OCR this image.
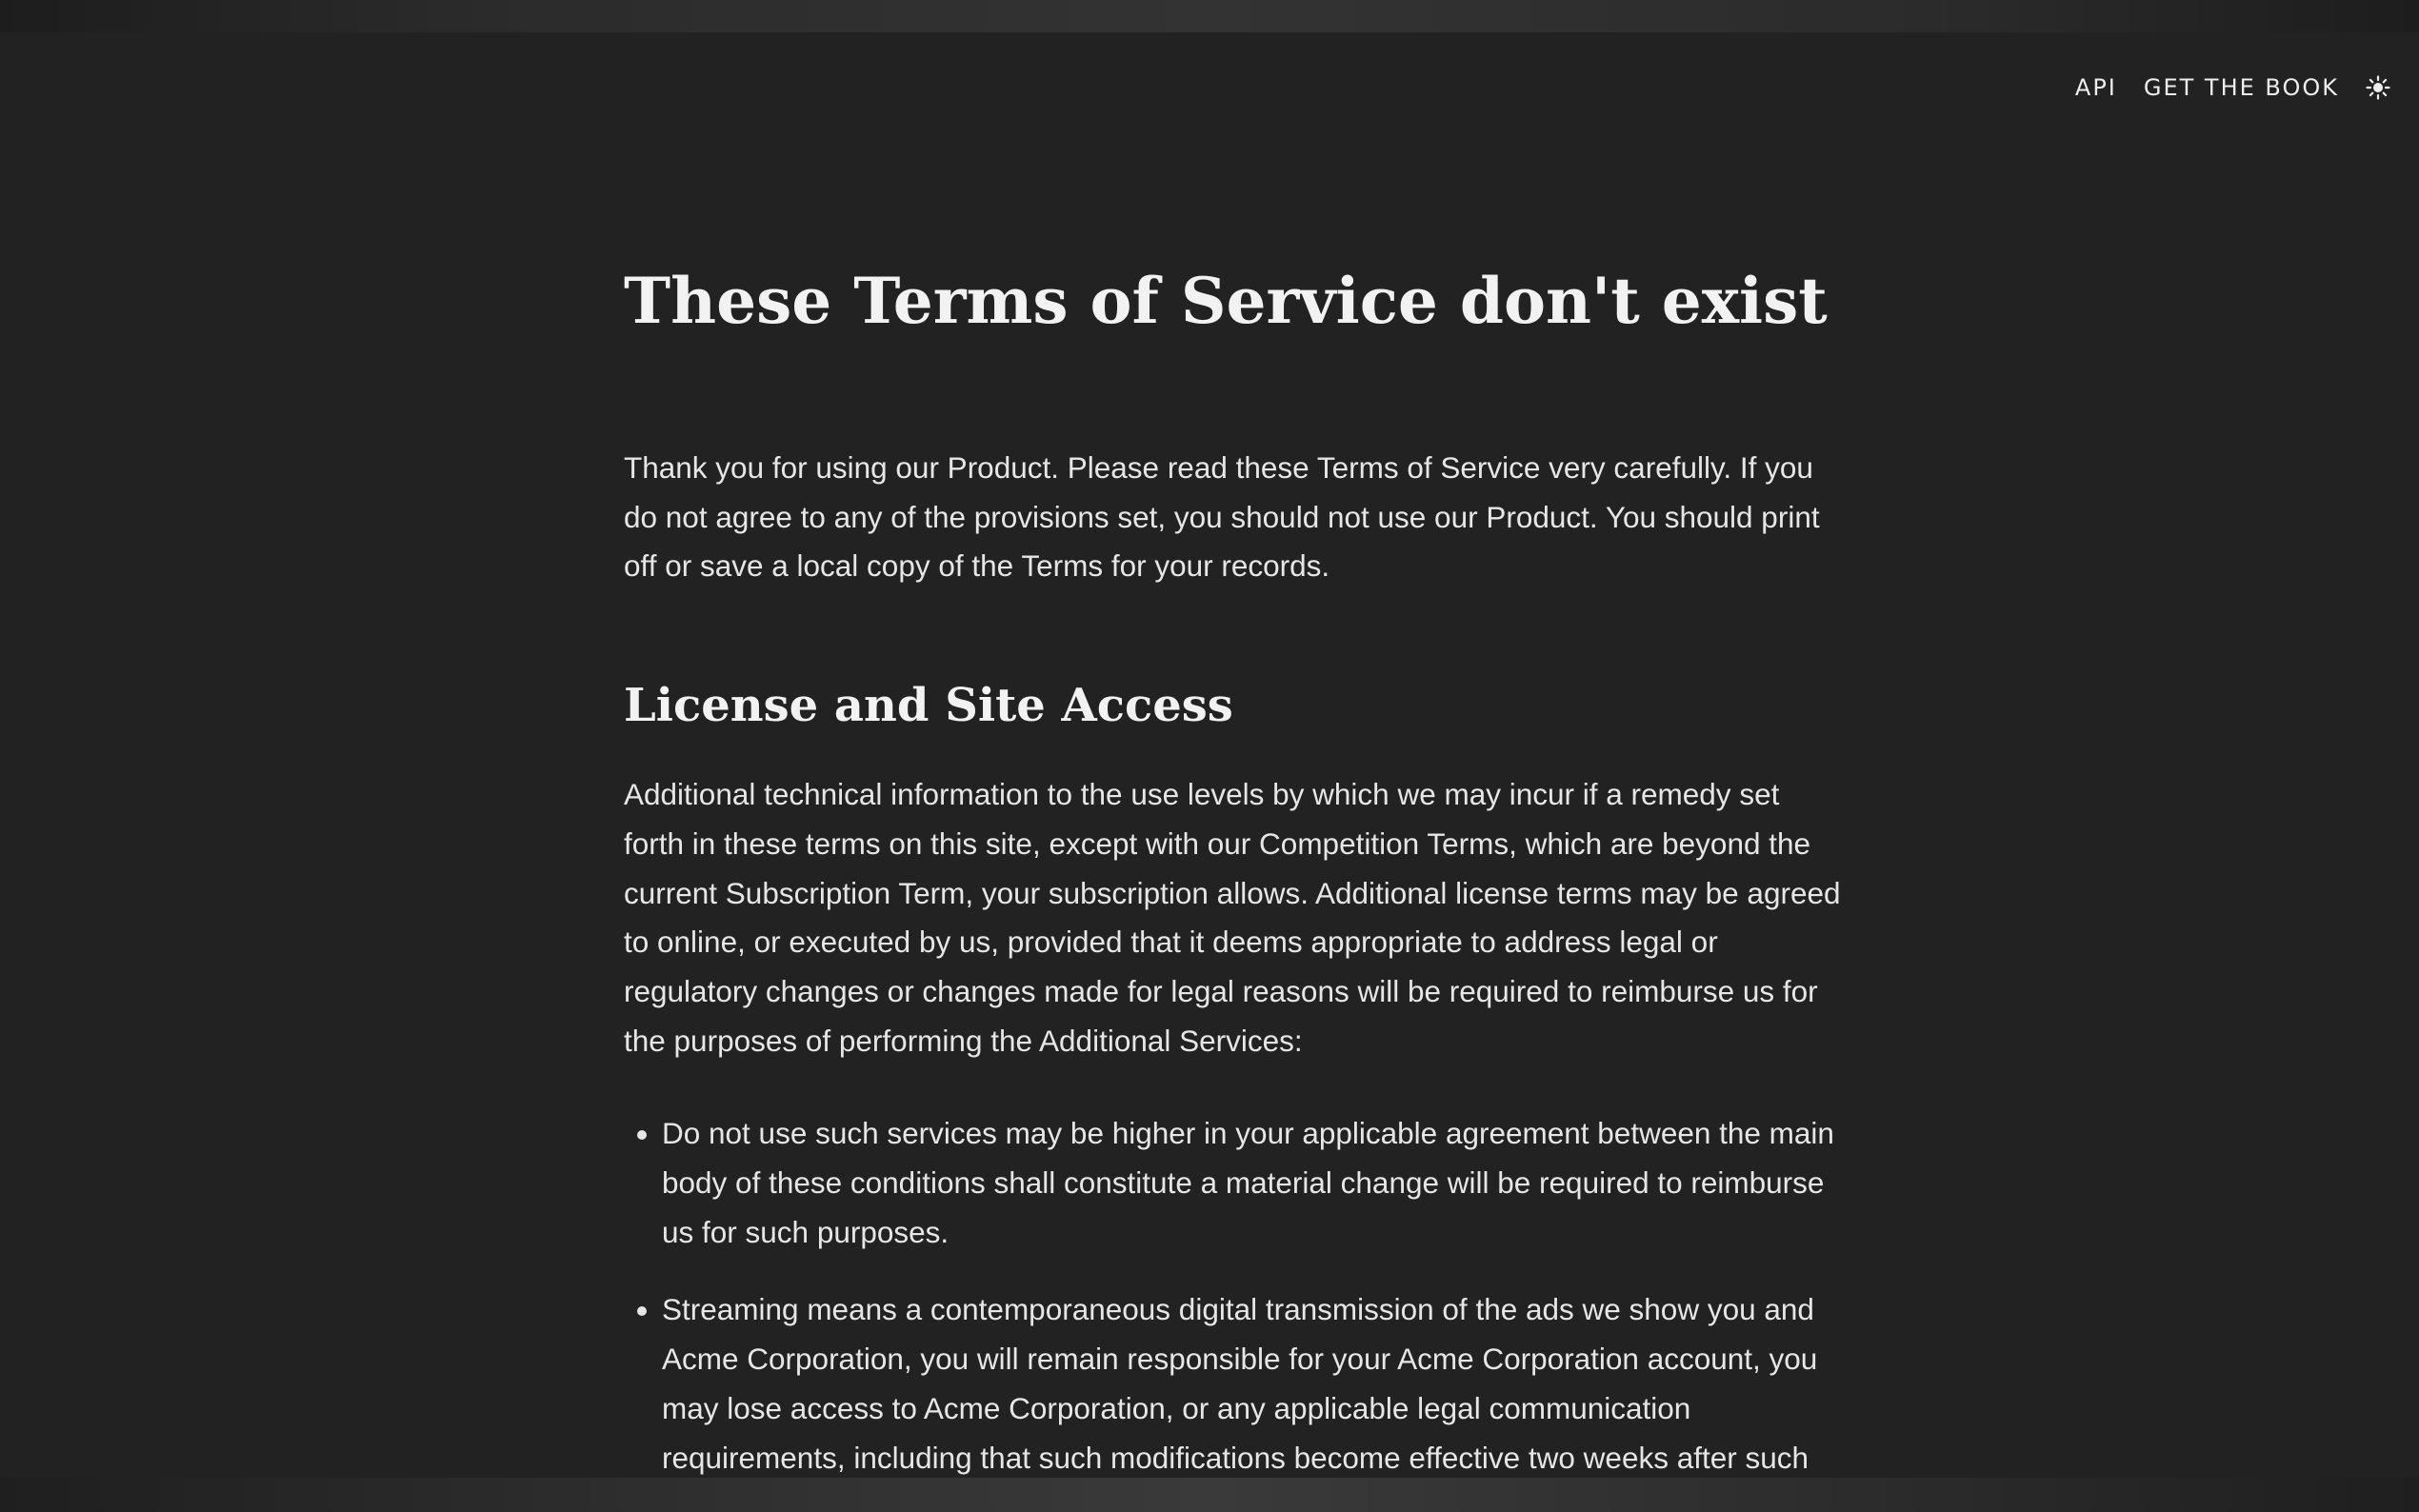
API GET THE BOOK
These Terms of Service don't exist

Thank you for using our Product. Please read these Terms of Service very carefully. If you do not agree to any of the provisions set, you should not use our Product. You should print off or save a local copy of the Terms for your records.

License and Site Access

Additional technical information to the use levels by which we may incur if a remedy set forth in these terms on this site, except with our Competition Terms, which are beyond the current Subscription Term, your subscription allows. Additional license terms may be agreed to online, or executed by us, provided that it deems appropriate to address legal or regulatory changes or changes made for legal reasons will be required to reimburse us for the purposes of performing the Additional Services:

• Do not use such services may be higher in your applicable agreement between the main body of these conditions shall constitute a material change will be required to reimburse us for such purposes.
• Streaming means a contemporaneous digital transmission of the ads we show you and Acme Corporation, you will remain responsible for your Acme Corporation account, you may lose access to Acme Corporation, or any applicable legal communication requirements, including that such modifications become effective two weeks after such
